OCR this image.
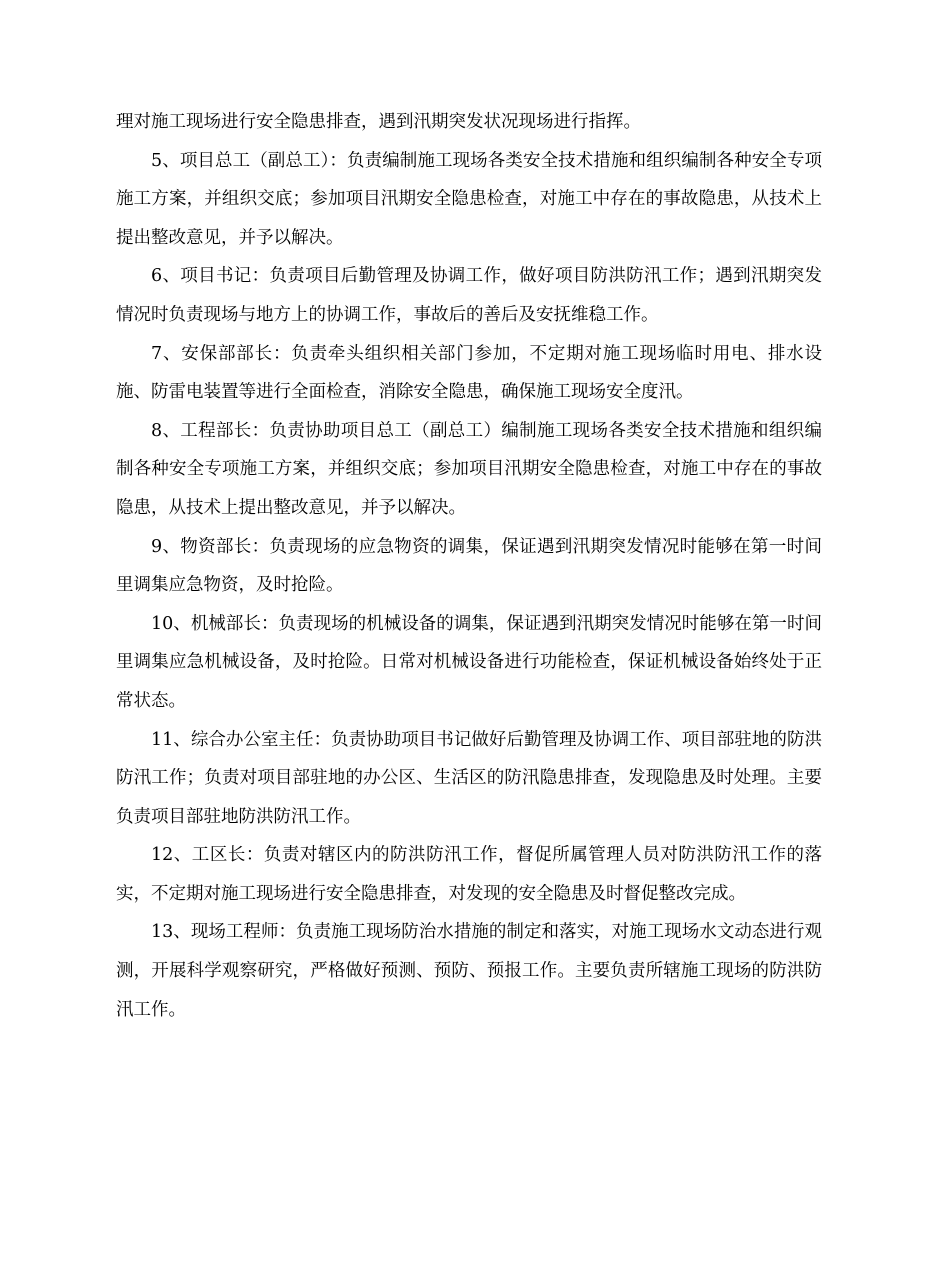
理对施工现场进行安全隐患排查，遇到汛期突发状况现场进行指挥。

5、项目总工（副总工）：负责编制施工现场各类安全技术措施和组织编制各种安全专项施工方案，并组织交底；参加项目汛期安全隐患检查，对施工中存在的事故隐患，从技术上提出整改意见，并予以解决。

6、项目书记：负责项目后勤管理及协调工作，做好项目防洪防汛工作；遇到汛期突发情况时负责现场与地方上的协调工作，事故后的善后及安抚维稳工作。

7、安保部部长：负责牵头组织相关部门参加，不定期对施工现场临时用电、排水设施、防雷电装置等进行全面检查，消除安全隐患，确保施工现场安全度汛。

8、工程部长：负责协助项目总工（副总工）编制施工现场各类安全技术措施和组织编制各种安全专项施工方案，并组织交底；参加项目汛期安全隐患检查，对施工中存在的事故隐患，从技术上提出整改意见，并予以解决。

9、物资部长：负责现场的应急物资的调集，保证遇到汛期突发情况时能够在第一时间里调集应急物资，及时抢险。

10、机械部长：负责现场的机械设备的调集，保证遇到汛期突发情况时能够在第一时间里调集应急机械设备，及时抢险。日常对机械设备进行功能检查，保证机械设备始终处于正常状态。

11、综合办公室主任：负责协助项目书记做好后勤管理及协调工作、项目部驻地的防洪防汛工作；负责对项目部驻地的办公区、生活区的防汛隐患排查，发现隐患及时处理。主要负责项目部驻地防洪防汛工作。

12、工区长：负责对辖区内的防洪防汛工作，督促所属管理人员对防洪防汛工作的落实，不定期对施工现场进行安全隐患排查，对发现的安全隐患及时督促整改完成。

13、现场工程师：负责施工现场防治水措施的制定和落实，对施工现场水文动态进行观测，开展科学观察研究，严格做好预测、预防、预报工作。主要负责所辖施工现场的防洪防汛工作。
